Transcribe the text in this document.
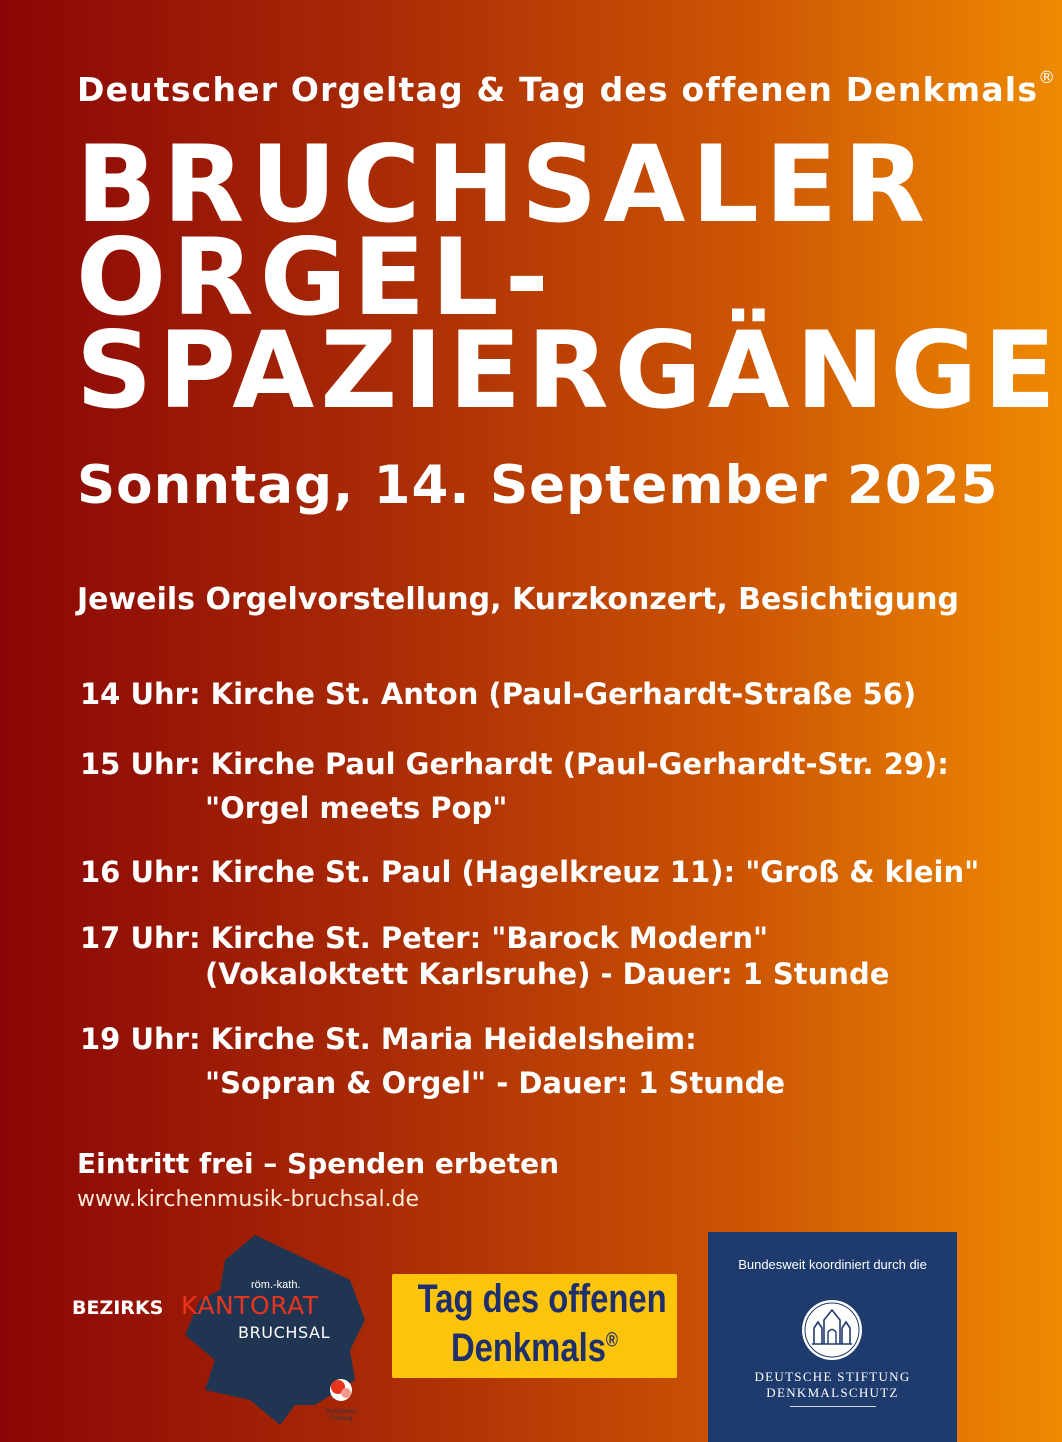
Deutscher Orgeltag & Tag des offenen Denkmals®
BRUCHSALER
ORGEL-
SPAZIERGÄNGE
Sonntag, 14. September 2025
Jeweils Orgelvorstellung, Kurzkonzert, Besichtigung
14 Uhr: Kirche St. Anton (Paul-Gerhardt-Straße 56)
15 Uhr: Kirche Paul Gerhardt (Paul-Gerhardt-Str. 29):
"Orgel meets Pop"
16 Uhr: Kirche St. Paul (Hagelkreuz 11): "Groß & klein"
17 Uhr: Kirche St. Peter: "Barock Modern"
(Vokaloktett Karlsruhe) - Dauer: 1 Stunde
19 Uhr: Kirche St. Maria Heidelsheim:
"Sopran & Orgel" - Dauer: 1 Stunde
Eintritt frei – Spenden erbeten
www.kirchenmusik-bruchsal.de
röm.-kath.
BEZIRKS KANTORAT
BRUCHSAL
Erzdiözese
Freiburg
Tag des offenen
Denkmals®
Bundesweit koordiniert durch die
DEUTSCHE STIFTUNG
DENKMALSCHUTZ
